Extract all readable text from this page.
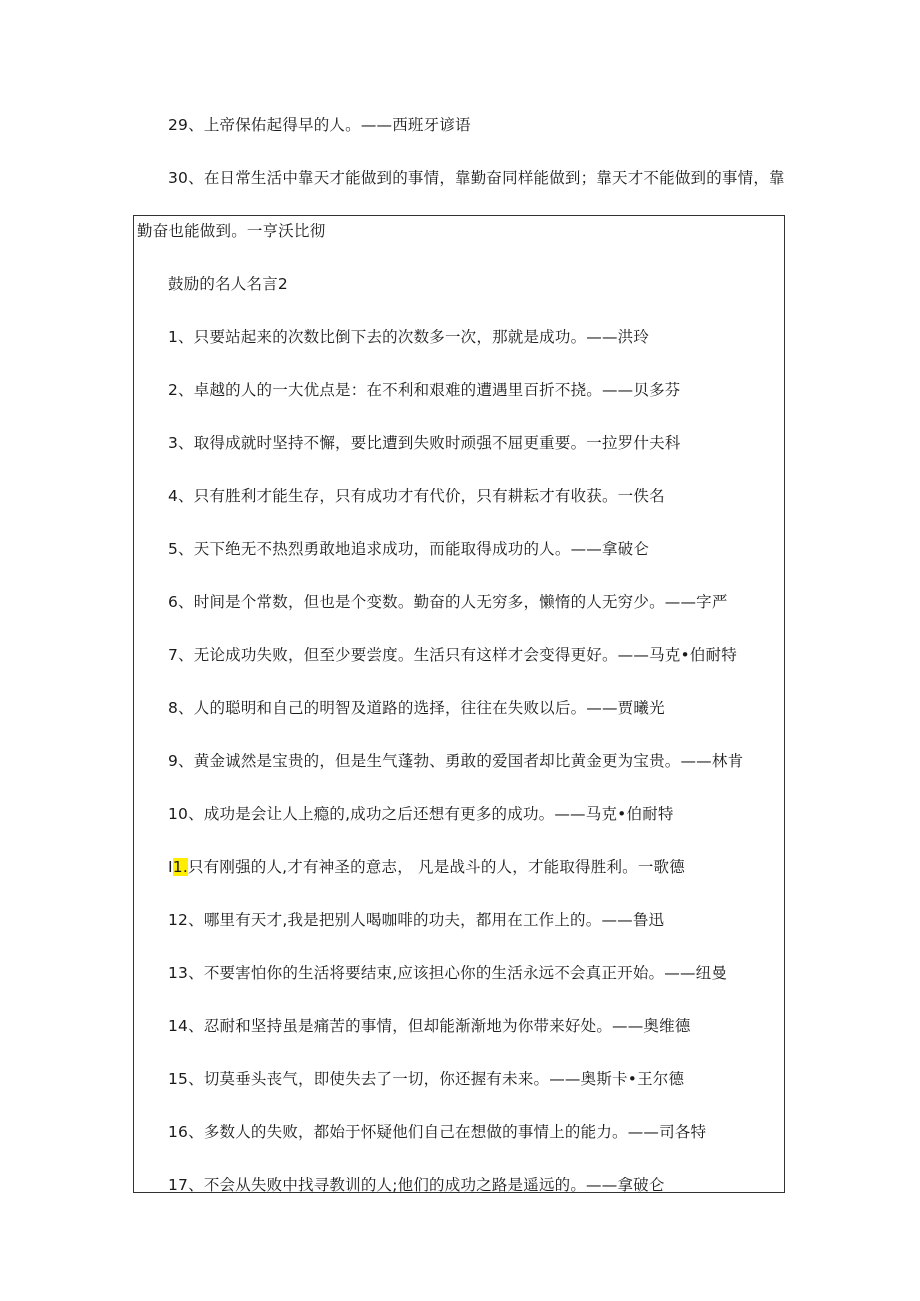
29、上帝保佑起得早的人。——西班牙谚语
30、在日常生活中靠天才能做到的事情，靠勤奋同样能做到；靠天才不能做到的事情，靠
勤奋也能做到。一亨沃比彻
鼓励的名人名言2
1、只要站起来的次数比倒下去的次数多一次，那就是成功。——洪玲
2、卓越的人的一大优点是：在不利和艰难的遭遇里百折不挠。——贝多芬
3、取得成就时坚持不懈，要比遭到失败时顽强不屈更重要。一拉罗什夫科
4、只有胜利才能生存，只有成功才有代价，只有耕耘才有收获。一佚名
5、天下绝无不热烈勇敢地追求成功，而能取得成功的人。——拿破仑
6、时间是个常数，但也是个变数。勤奋的人无穷多，懒惰的人无穷少。——字严
7、无论成功失败，但至少要尝度。生活只有这样才会变得更好。——马克•伯耐特
8、人的聪明和自己的明智及道路的选择，往往在失败以后。——贾曦光
9、黄金诚然是宝贵的，但是生气蓬勃、勇敢的爱国者却比黄金更为宝贵。——林肯
10、成功是会让人上瘾的,成功之后还想有更多的成功。——马克•伯耐特
I1.只有刚强的人,才有神圣的意志， 凡是战斗的人，才能取得胜利。一歌德
12、哪里有天才,我是把别人喝咖啡的功夫，都用在工作上的。——鲁迅
13、不要害怕你的生活将要结束,应该担心你的生活永远不会真正开始。——纽曼
14、忍耐和坚持虽是痛苦的事情，但却能渐渐地为你带来好处。——奥维德
15、切莫垂头丧气，即使失去了一切，你还握有未来。——奥斯卡•王尔德
16、多数人的失败，都始于怀疑他们自己在想做的事情上的能力。——司各特
17、不会从失败中找寻教训的人;他们的成功之路是遥远的。——拿破仑
